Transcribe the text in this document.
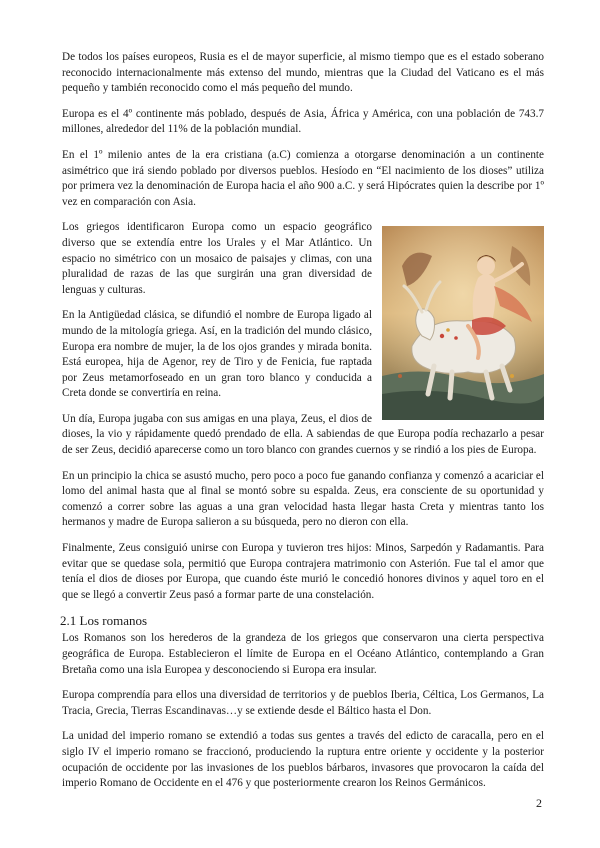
De todos los países europeos, Rusia es el de mayor superficie, al mismo tiempo que es el estado soberano reconocido internacionalmente más extenso del mundo, mientras que la Ciudad del Vaticano es el más pequeño y también reconocido como el más pequeño del mundo.

Europa es el 4º continente más poblado, después de Asia, África y América, con una población de 743.7 millones, alrededor del 11% de la población mundial.

En el 1º milenio antes de la era cristiana (a.C) comienza a otorgarse denominación a un continente asimétrico que irá siendo poblado por diversos pueblos. Hesíodo en “El nacimiento de los dioses” utiliza por primera vez la denominación de Europa hacia el año 900 a.C. y será Hipócrates quien la describe por 1º vez en comparación con Asia.

Los griegos identificaron Europa como un espacio geográfico diverso que se extendía entre los Urales y el Mar Atlántico. Un espacio no simétrico con un mosaico de paisajes y climas, con una pluralidad de razas de las que surgirán una gran diversidad de lenguas y culturas.

En la Antigüedad clásica, se difundió el nombre de Europa ligado al mundo de la mitología griega. Así, en la tradición del mundo clásico, Europa era nombre de mujer, la de los ojos grandes y mirada bonita. Está europea, hija de Agenor, rey de Tiro y de Fenicia, fue raptada por Zeus metamorfoseado en un gran toro blanco y conducida a Creta donde se convertiría en reina.

Un día, Europa jugaba con sus amigas en una playa, Zeus, el dios de dioses, la vio y rápidamente quedó prendado de ella. A sabiendas de que Europa podía rechazarlo a pesar de ser Zeus, decidió aparecerse como un toro blanco con grandes cuernos y se rindió a los pies de Europa.

En un principio la chica se asustó mucho, pero poco a poco fue ganando confianza y comenzó a acariciar el lomo del animal hasta que al final se montó sobre su espalda. Zeus, era consciente de su oportunidad y comenzó a correr sobre las aguas a una gran velocidad hasta llegar hasta Creta y mientras tanto los hermanos y madre de Europa salieron a su búsqueda, pero no dieron con ella.

Finalmente, Zeus consiguió unirse con Europa y tuvieron tres hijos: Minos, Sarpedón y Radamantis. Para evitar que se quedase sola, permitió que Europa contrajera matrimonio con Asterión. Fue tal el amor que tenía el dios de dioses por Europa, que cuando éste murió le concedió honores divinos y aquel toro en el que se llegó a convertir Zeus pasó a formar parte de una constelación.

2.1 Los romanos

Los Romanos son los herederos de la grandeza de los griegos que conservaron una cierta perspectiva geográfica de Europa. Establecieron el límite de Europa en el Océano Atlántico, contemplando a Gran Bretaña como una isla Europea y desconociendo si Europa era insular.

Europa comprendía para ellos una diversidad de territorios y de pueblos Iberia, Céltica, Los Germanos, La Tracia, Grecia, Tierras Escandinavas…y se extiende desde el Báltico hasta el Don.

La unidad del imperio romano se extendió a todas sus gentes a través del edicto de caracalla, pero en el siglo IV el imperio romano se fraccionó, produciendo la ruptura entre oriente y occidente y la posterior ocupación de occidente por las invasiones de los pueblos bárbaros, invasores que provocaron la caída del imperio Romano de Occidente en el 476 y que posteriormente crearon los Reinos Germánicos.

2
